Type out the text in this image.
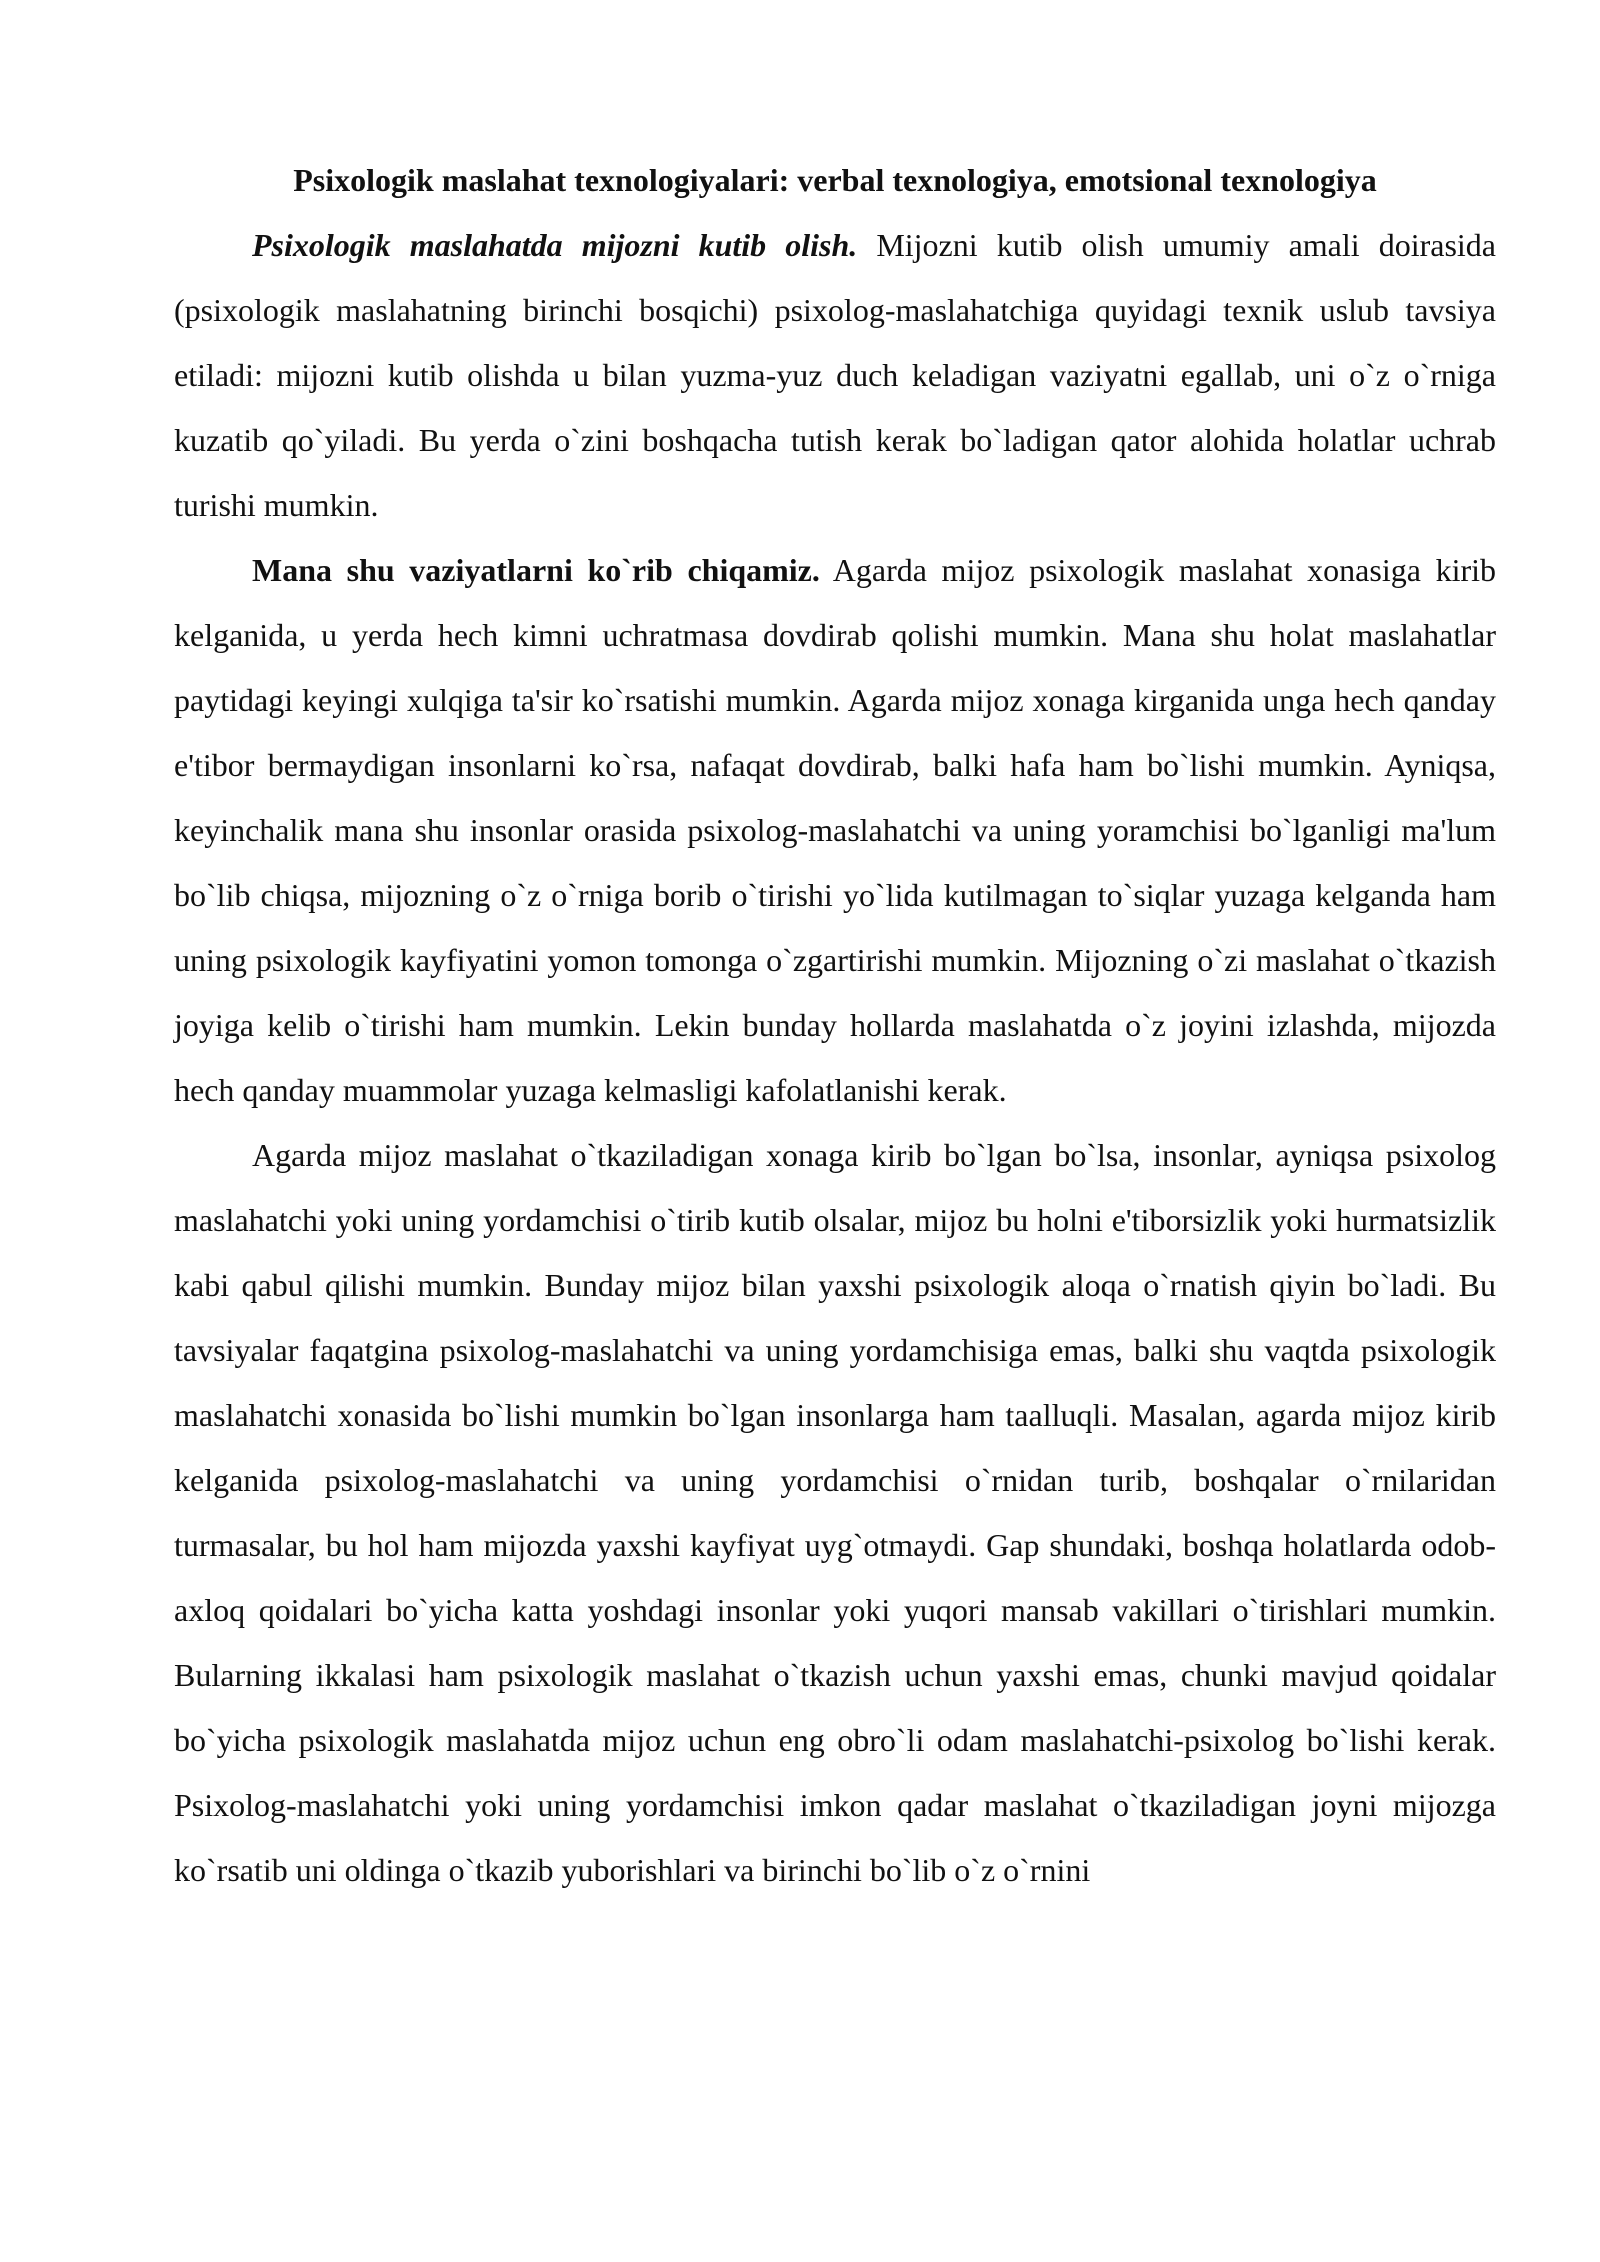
Psixologik maslahat texnologiyalari: verbal texnologiya, emotsional texnologiya

Psixologik maslahatda mijozni kutib olish. Mijozni kutib olish umumiy amali doirasida (psixologik maslahatning birinchi bosqichi) psixolog-maslahatchiga quyidagi texnik uslub tavsiya etiladi: mijozni kutib olishda u bilan yuzma-yuz duch keladigan vaziyatni egallab, uni o`z o`rniga kuzatib qo`yiladi. Bu yerda o`zini boshqacha tutish kerak bo`ladigan qator alohida holatlar uchrab turishi mumkin.

Mana shu vaziyatlarni ko`rib chiqamiz. Agarda mijoz psixologik maslahat xonasiga kirib kelganida, u yerda hech kimni uchratmasa dovdirab qolishi mumkin. Mana shu holat maslahatlar paytidagi keyingi xulqiga ta'sir ko`rsatishi mumkin. Agarda mijoz xonaga kirganida unga hech qanday e'tibor bermaydigan insonlarni ko`rsa, nafaqat dovdirab, balki hafa ham bo`lishi mumkin. Ayniqsa, keyinchalik mana shu insonlar orasida psixolog-maslahatchi va uning yoramchisi bo`lganligi ma'lum bo`lib chiqsa, mijozning o`z o`rniga borib o`tirishi yo`lida kutilmagan to`siqlar yuzaga kelganda ham uning psixologik kayfiyatini yomon tomonga o`zgartirishi mumkin. Mijozning o`zi maslahat o`tkazish joyiga kelib o`tirishi ham mumkin. Lekin bunday hollarda maslahatda o`z joyini izlashda, mijozda hech qanday muammolar yuzaga kelmasligi kafolatlanishi kerak.

Agarda mijoz maslahat o`tkaziladigan xonaga kirib bo`lgan bo`lsa, insonlar, ayniqsa psixolog maslahatchi yoki uning yordamchisi o`tirib kutib olsalar, mijoz bu holni e'tiborsizlik yoki hurmatsizlik kabi qabul qilishi mumkin. Bunday mijoz bilan yaxshi psixologik aloqa o`rnatish qiyin bo`ladi. Bu tavsiyalar faqatgina psixolog-maslahatchi va uning yordamchisiga emas, balki shu vaqtda psixologik maslahatchi xonasida bo`lishi mumkin bo`lgan insonlarga ham taalluqli. Masalan, agarda mijoz kirib kelganida psixolog-maslahatchi va uning yordamchisi o`rnidan turib, boshqalar o`rnilaridan turmasalar, bu hol ham mijozda yaxshi kayfiyat uyg`otmaydi. Gap shundaki, boshqa holatlarda odob-axloq qoidalari bo`yicha katta yoshdagi insonlar yoki yuqori mansab vakillari o`tirishlari mumkin. Bularning ikkalasi ham psixologik maslahat o`tkazish uchun yaxshi emas, chunki mavjud qoidalar bo`yicha psixologik maslahatda mijoz uchun eng obro`li odam maslahatchi-psixolog bo`lishi kerak. Psixolog-maslahatchi yoki uning yordamchisi imkon qadar maslahat o`tkaziladigan joyni mijozga ko`rsatib uni oldinga o`tkazib yuborishlari va birinchi bo`lib o`z o`rnini
